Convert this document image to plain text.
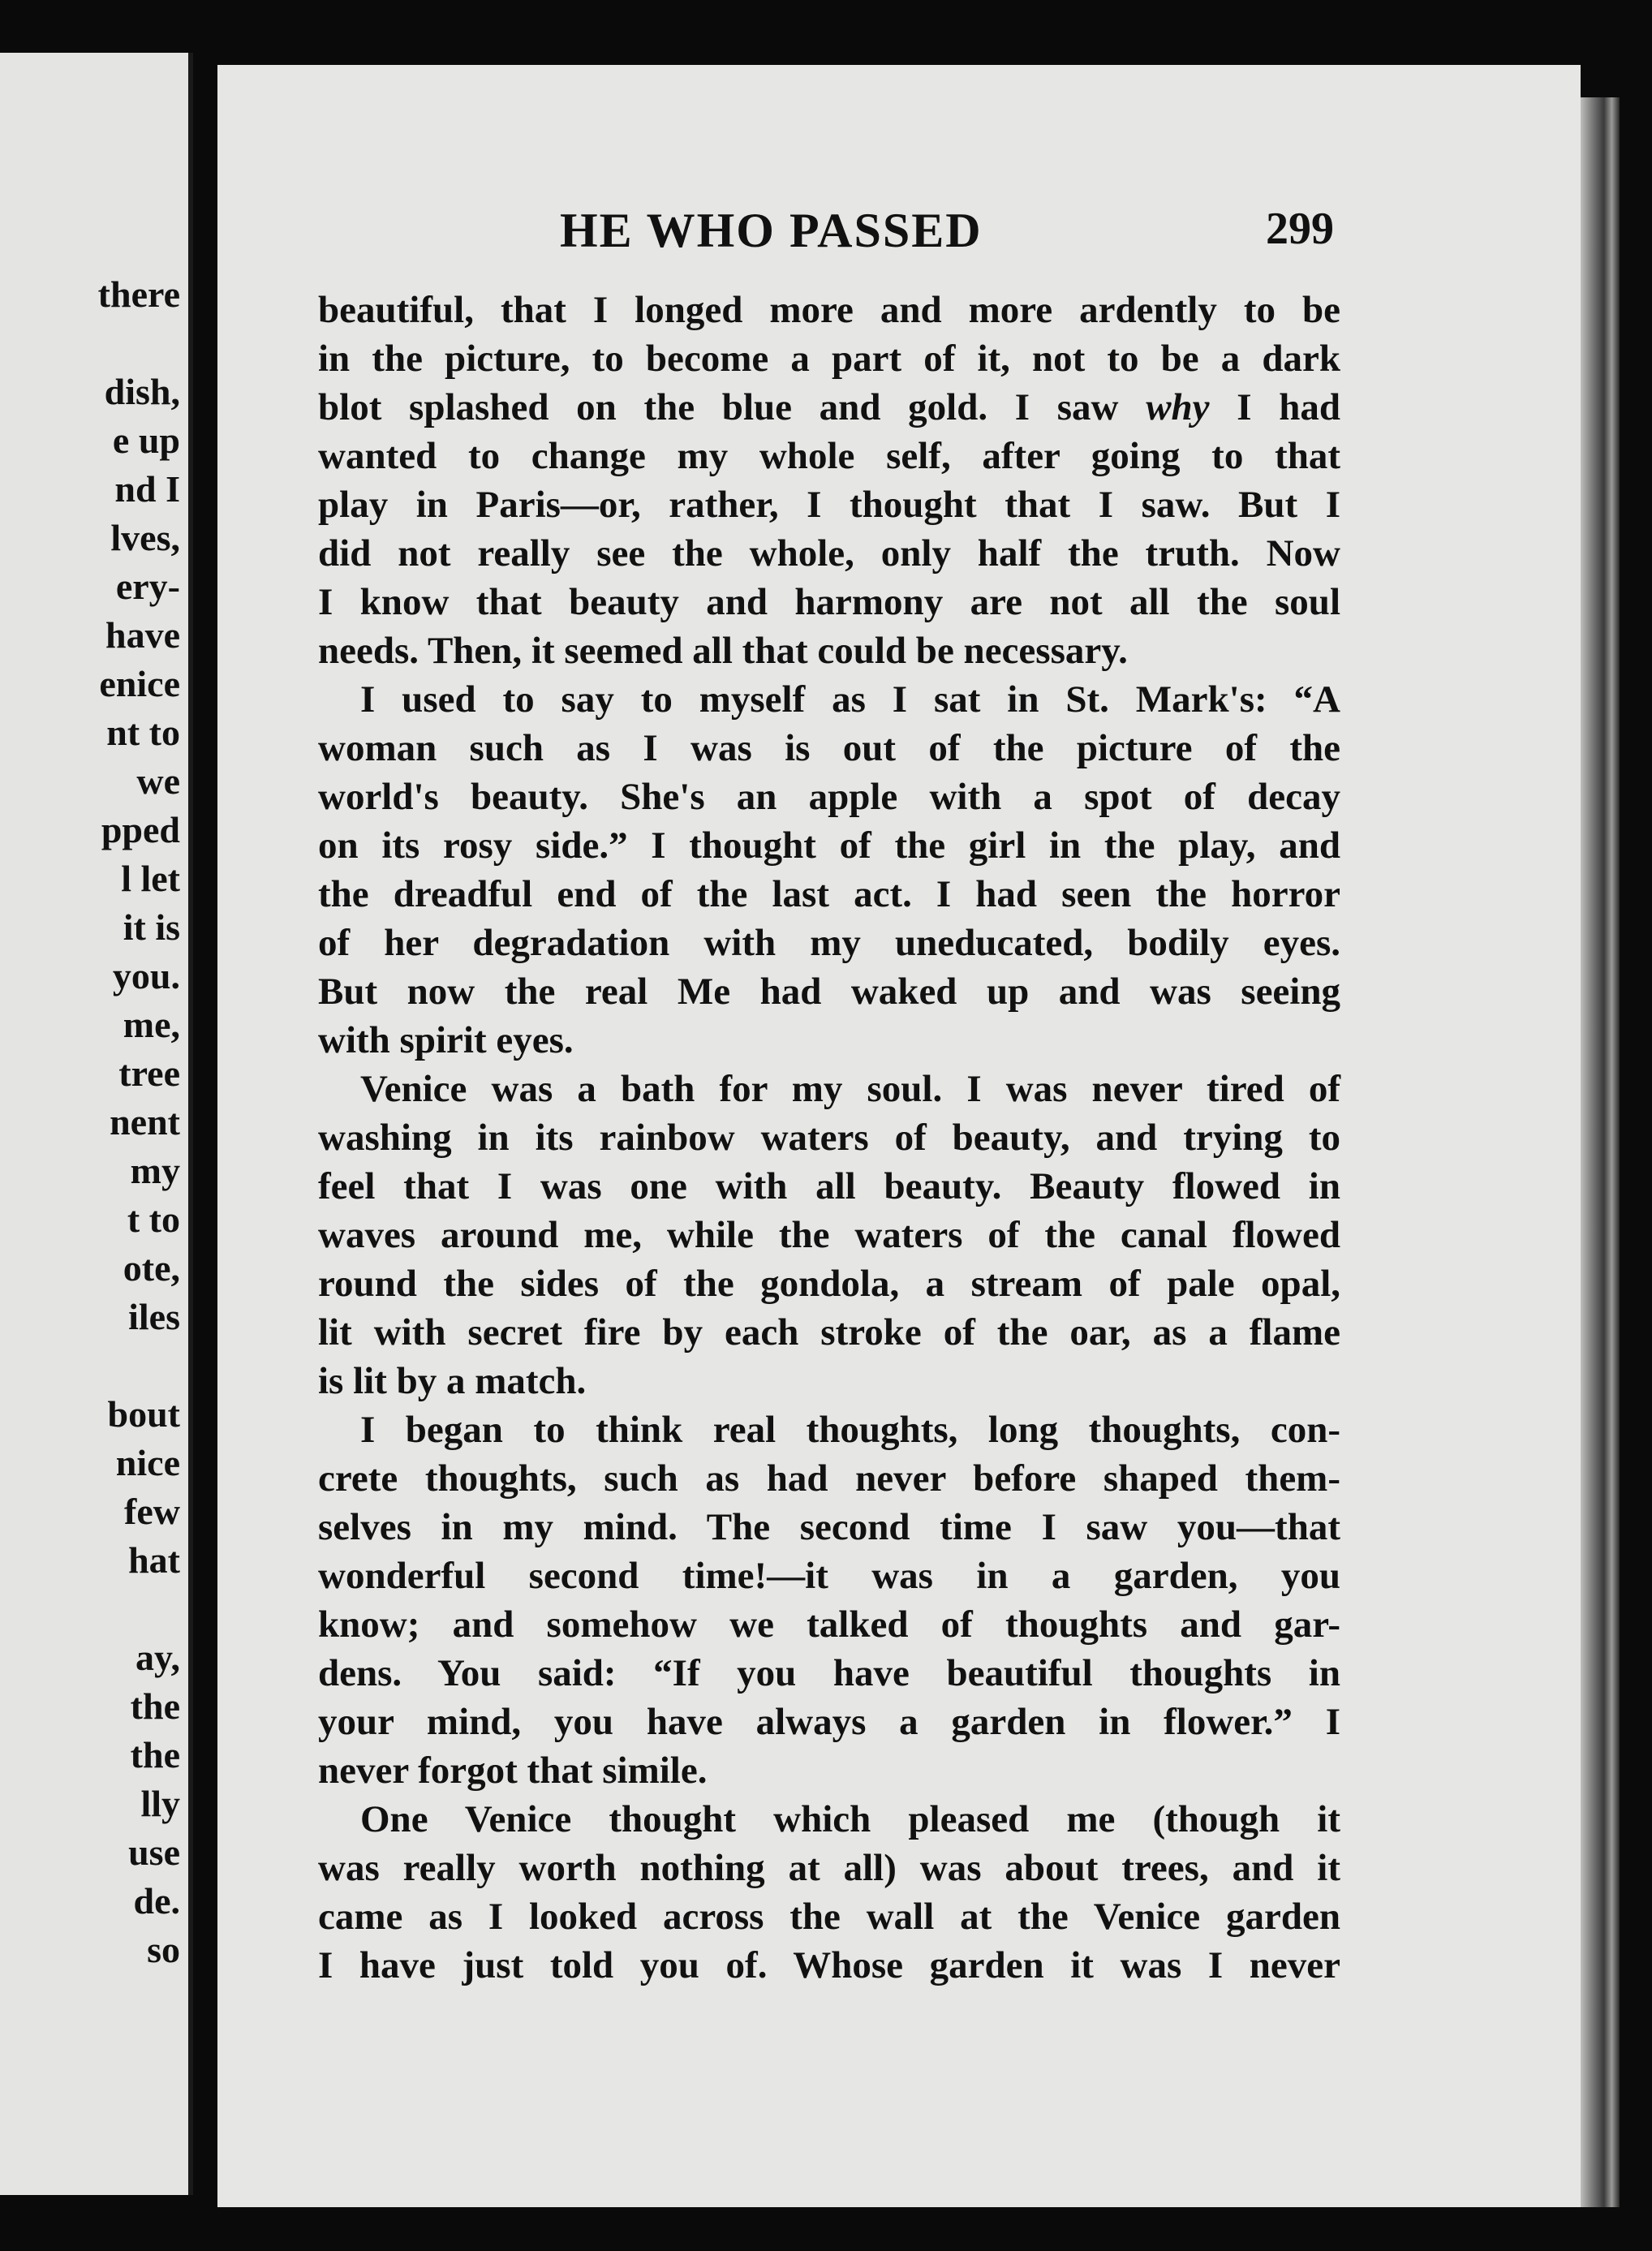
there
dish,
e up
nd I
lves,
ery-
have
enice
nt to
we
pped
l let
it is
you.
me,
tree
nent
my
t to
ote,
iles
bout
nice
few
hat
ay,
the
the
lly
use
de.
so
HE WHO PASSED	299
beautiful, that I longed more and more ardently to be
in the picture, to become a part of it, not to be a dark
blot splashed on the blue and gold. I saw why I had
wanted to change my whole self, after going to that
play in Paris—or, rather, I thought that I saw. But I
did not really see the whole, only half the truth. Now
I know that beauty and harmony are not all the soul
needs. Then, it seemed all that could be necessary.
I used to say to myself as I sat in St. Mark's: “A
woman such as I was is out of the picture of the
world's beauty. She's an apple with a spot of decay
on its rosy side.” I thought of the girl in the play, and
the dreadful end of the last act. I had seen the horror
of her degradation with my uneducated, bodily eyes.
But now the real Me had waked up and was seeing
with spirit eyes.
Venice was a bath for my soul. I was never tired of
washing in its rainbow waters of beauty, and trying to
feel that I was one with all beauty. Beauty flowed in
waves around me, while the waters of the canal flowed
round the sides of the gondola, a stream of pale opal,
lit with secret fire by each stroke of the oar, as a flame
is lit by a match.
I began to think real thoughts, long thoughts, con-
crete thoughts, such as had never before shaped them-
selves in my mind. The second time I saw you—that
wonderful second time!—it was in a garden, you
know; and somehow we talked of thoughts and gar-
dens. You said: “If you have beautiful thoughts in
your mind, you have always a garden in flower.” I
never forgot that simile.
One Venice thought which pleased me (though it
was really worth nothing at all) was about trees, and it
came as I looked across the wall at the Venice garden
I have just told you of. Whose garden it was I never
